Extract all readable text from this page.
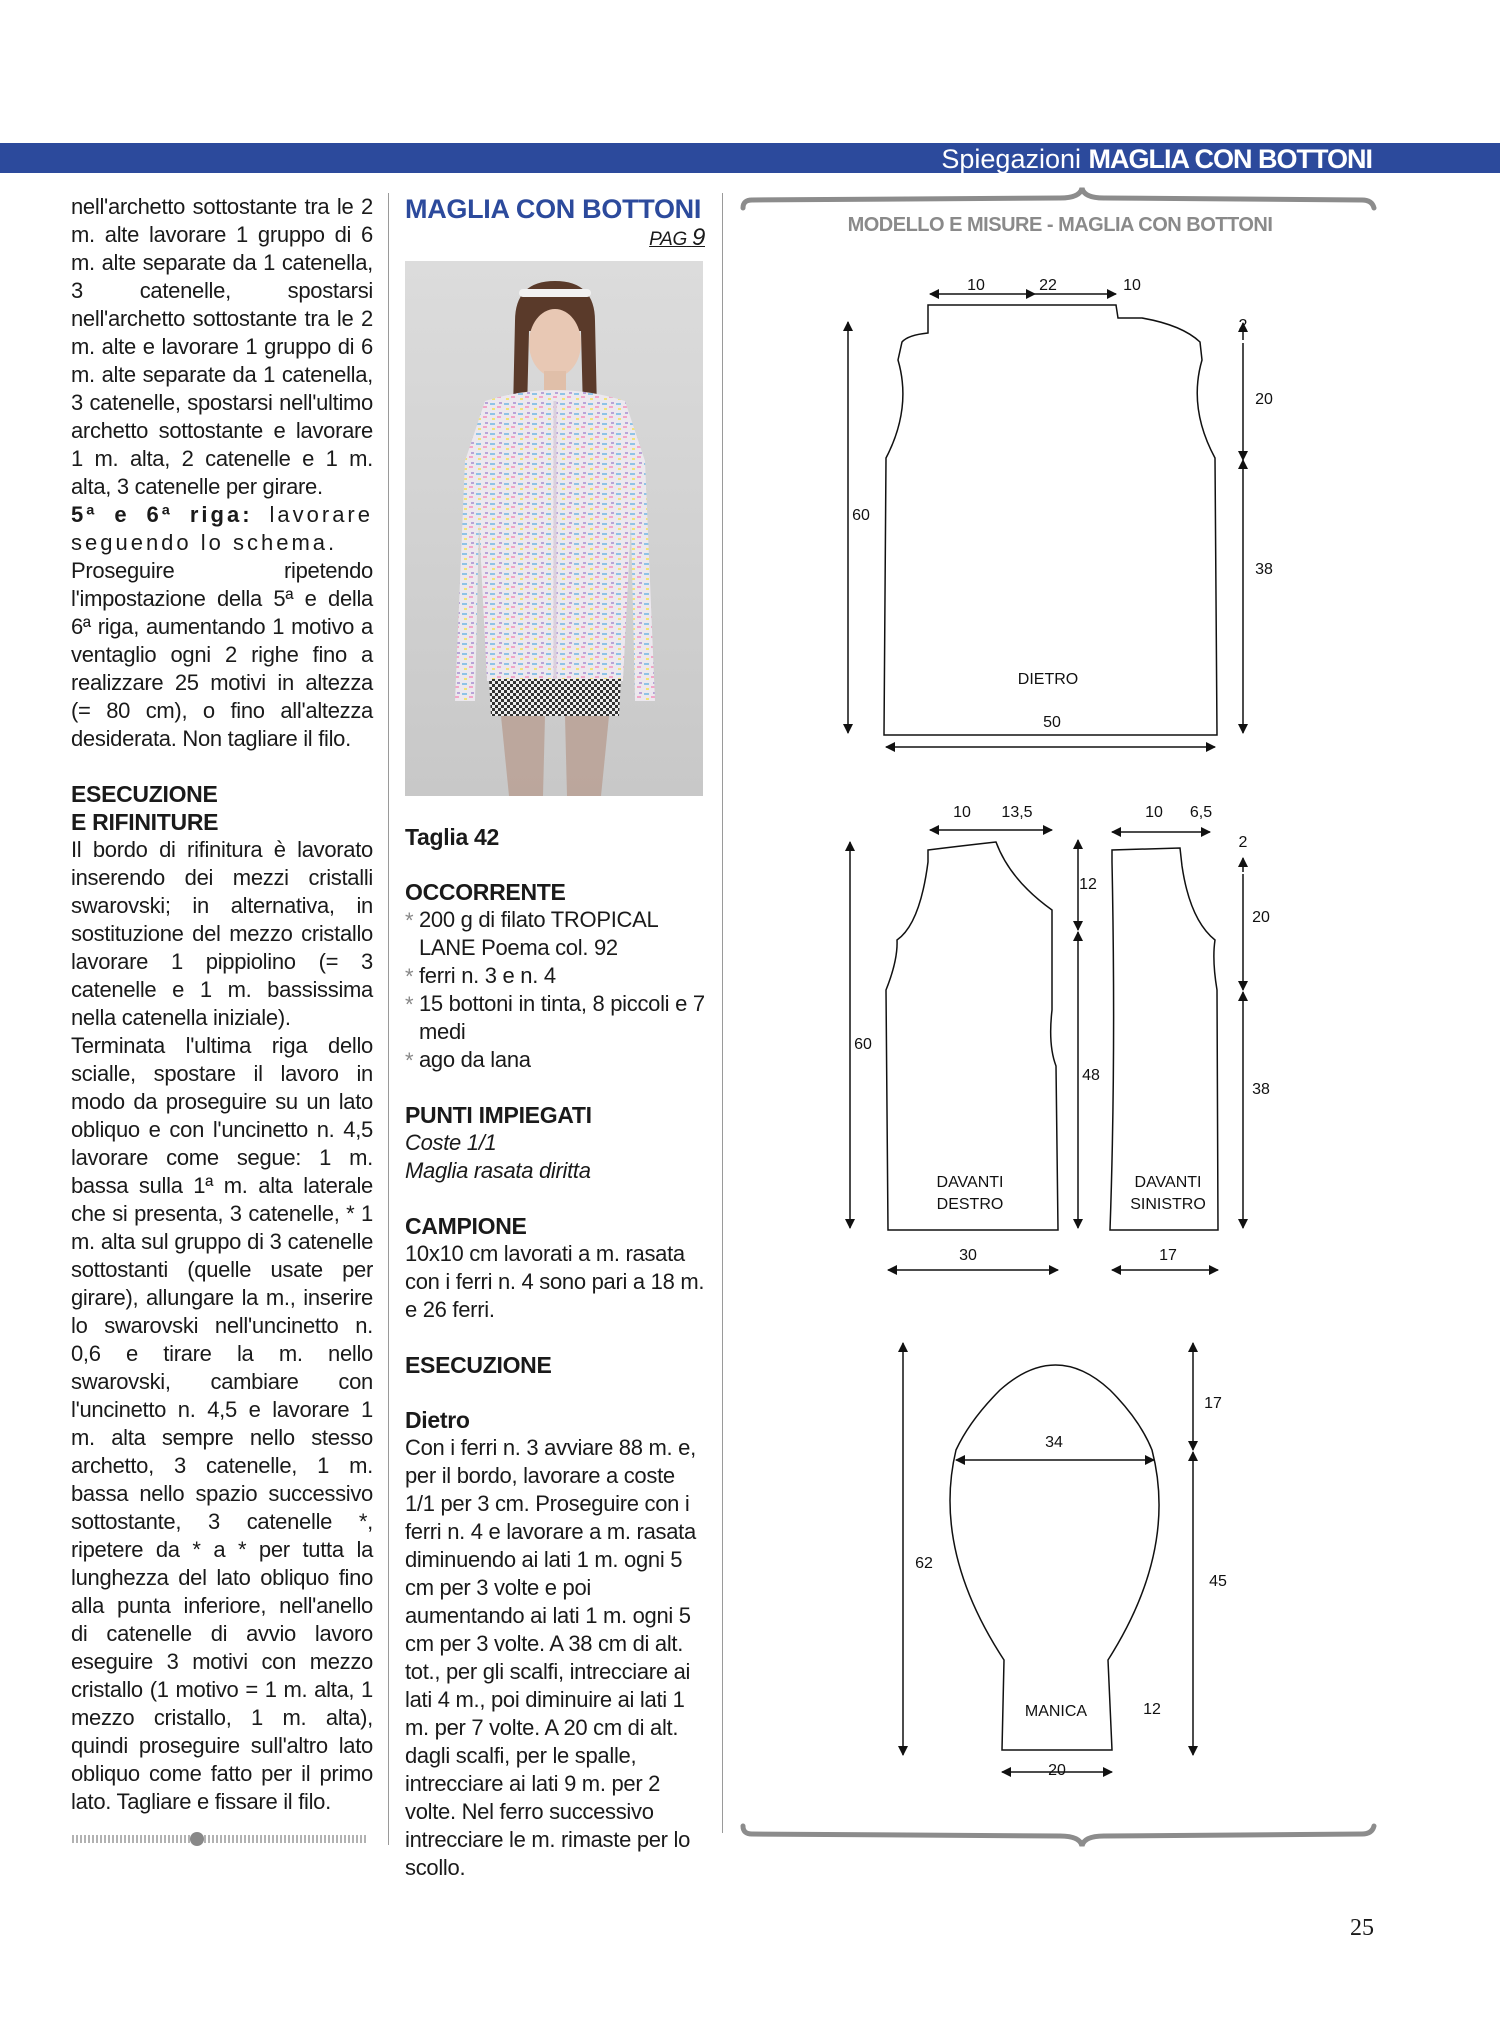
Spiegazioni MAGLIA CON BOTTONI

nell'archetto sottostante tra le 2 m. alte lavorare 1 gruppo di 6 m. alte separate da 1 catenella, 3 catenelle, spostarsi nell'archetto sottostante tra le 2 m. alte e lavorare 1 gruppo di 6 m. alte separate da 1 catenella, 3 catenelle, spostarsi nell'ultimo archetto sottostante e lavorare 1 m. alta, 2 catenelle e 1 m. alta, 3 catenelle per girare.

5ª e 6ª riga: lavorare seguendo lo schema.

Proseguire ripetendo l'impostazione della 5ª e della 6ª riga, aumentando 1 motivo a ventaglio ogni 2 righe fino a realizzare 25 motivi in altezza (= 80 cm), o fino all'altezza desiderata. Non tagliare il filo.

ESECUZIONE
E RIFINITURE

Il bordo di rifinitura è lavorato inserendo dei mezzi cristalli swarovski; in alternativa, in sostituzione del mezzo cristallo lavorare 1 pippiolino (= 3 catenelle e 1 m. bassissima nella catenella iniziale).

Terminata l'ultima riga dello scialle, spostare il lavoro in modo da proseguire su un lato obliquo e con l'uncinetto n. 4,5 lavorare come segue: 1 m. bassa sulla 1ª m. alta laterale che si presenta, 3 catenelle, * 1 m. alta sul gruppo di 3 catenelle sottostanti (quelle usate per girare), allungare la m., inserire lo swarovski nell'uncinetto n. 0,6 e tirare la m. nello swarovski, cambiare con l'uncinetto n. 4,5 e lavorare 1 m. alta sempre nello stesso archetto, 3 catenelle, 1 m. bassa nello spazio successivo sottostante, 3 catenelle *, ripetere da * a * per tutta la lunghezza del lato obliquo fino alla punta inferiore, nell'anello di catenelle di avvio lavoro eseguire 3 motivi con mezzo cristallo (1 motivo = 1 m. alta, 1 mezzo cristallo, 1 m. alta), quindi proseguire sull'altro lato obliquo come fatto per il primo lato. Tagliare e fissare il filo.

MAGLIA CON BOTTONI
PAG 9
Taglia 42
OCCORRENTE
* 200 g di filato TROPICAL LANE Poema col. 92
* ferri n. 3 e n. 4
* 15 bottoni in tinta, 8 piccoli e 7 medi
* ago da lana
PUNTI IMPIEGATI
Coste 1/1
Maglia rasata diritta
CAMPIONE

10x10 cm lavorati a m. rasata con i ferri n. 4 sono pari a 18 m. e 26 ferri.

ESECUZIONE
Dietro

Con i ferri n. 3 avviare 88 m. e, per il bordo, lavorare a coste 1/1 per 3 cm. Proseguire con i ferri n. 4 e lavorare a m. rasata diminuendo ai lati 1 m. ogni 5 cm per 3 volte e poi aumentando ai lati 1 m. ogni 5 cm per 3 volte. A 38 cm di alt. tot., per gli scalfi, intrecciare ai lati 4 m., poi diminuire ai lati 1 m. per 7 volte. A 20 cm di alt. dagli scalfi, per le spalle, intrecciare ai lati 9 m. per 2 volte. Nel ferro successivo intrecciare le m. rimaste per lo scollo.

MODELLO E MISURE - MAGLIA CON BOTTONI
10	22	10
60
2
20
38
DIETRO
50
10 13,5
12
48
60
DAVANTI
DESTRO
30
10 6,5
2
20
38
DAVANTI
SINISTRO
17
34
62
17
45
MANICA	12
20
25
